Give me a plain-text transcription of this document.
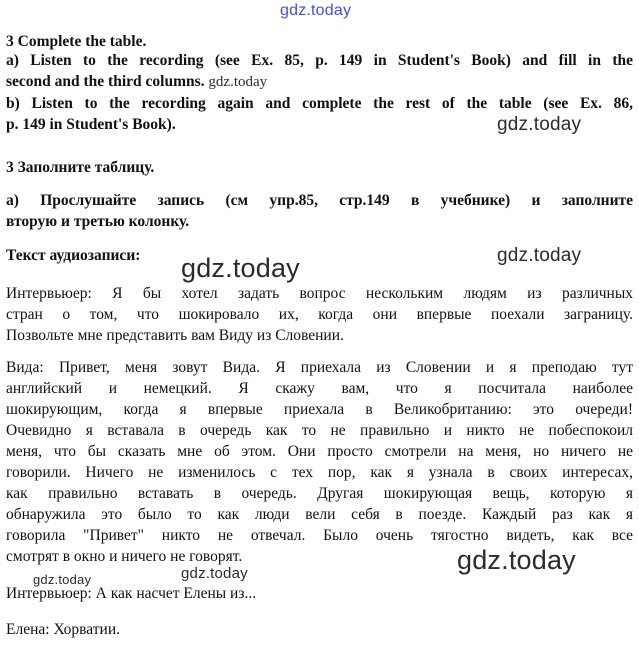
gdz.today
3 Complete the table.
a) Listen to the recording (see Ex. 85, p. 149 in Student's Book) and fill in the
second and the third columns. gdz.today
b) Listen to the recording again and complete the rest of the table (see Ex. 86,
p. 149 in Student's Book).	gdz.today
3 Заполните таблицу.
а) Прослушайте запись (см упр.85, стр.149 в учебнике) и заполните
вторую и третью колонку.
Текст аудиозаписи:	gdz.today
gdz.today
Интервьюер: Я бы хотел задать вопрос нескольким людям из различных
стран о том, что шокировало их, когда они впервые поехали заграницу.
Позвольте мне представить вам Виду из Словении.
Вида: Привет, меня зовут Вида. Я приехала из Словении и я преподаю тут
английский и немецкий. Я скажу вам, что я посчитала наиболее
шокирующим, когда я впервые приехала в Великобританию: это очереди!
Очевидно я вставала в очередь как то не правильно и никто не побеспокоил
меня, что бы сказать мне об этом. Они просто смотрели на меня, но ничего не
говорили. Ничего не изменилось с тех пор, как я узнала в своих интересах,
как правильно вставать в очередь. Другая шокирующая вещь, которую я
обнаружила это было то как люди вели себя в поезде. Каждый раз как я
говорила "Привет" никто не отвечал. Было очень тягостно видеть, как все
смотрят в окно и ничего не говорят.	gdz.today
gdz.today	gdz.today
Интервьюер: А как насчет Елены из...
Елена: Хорватии.
